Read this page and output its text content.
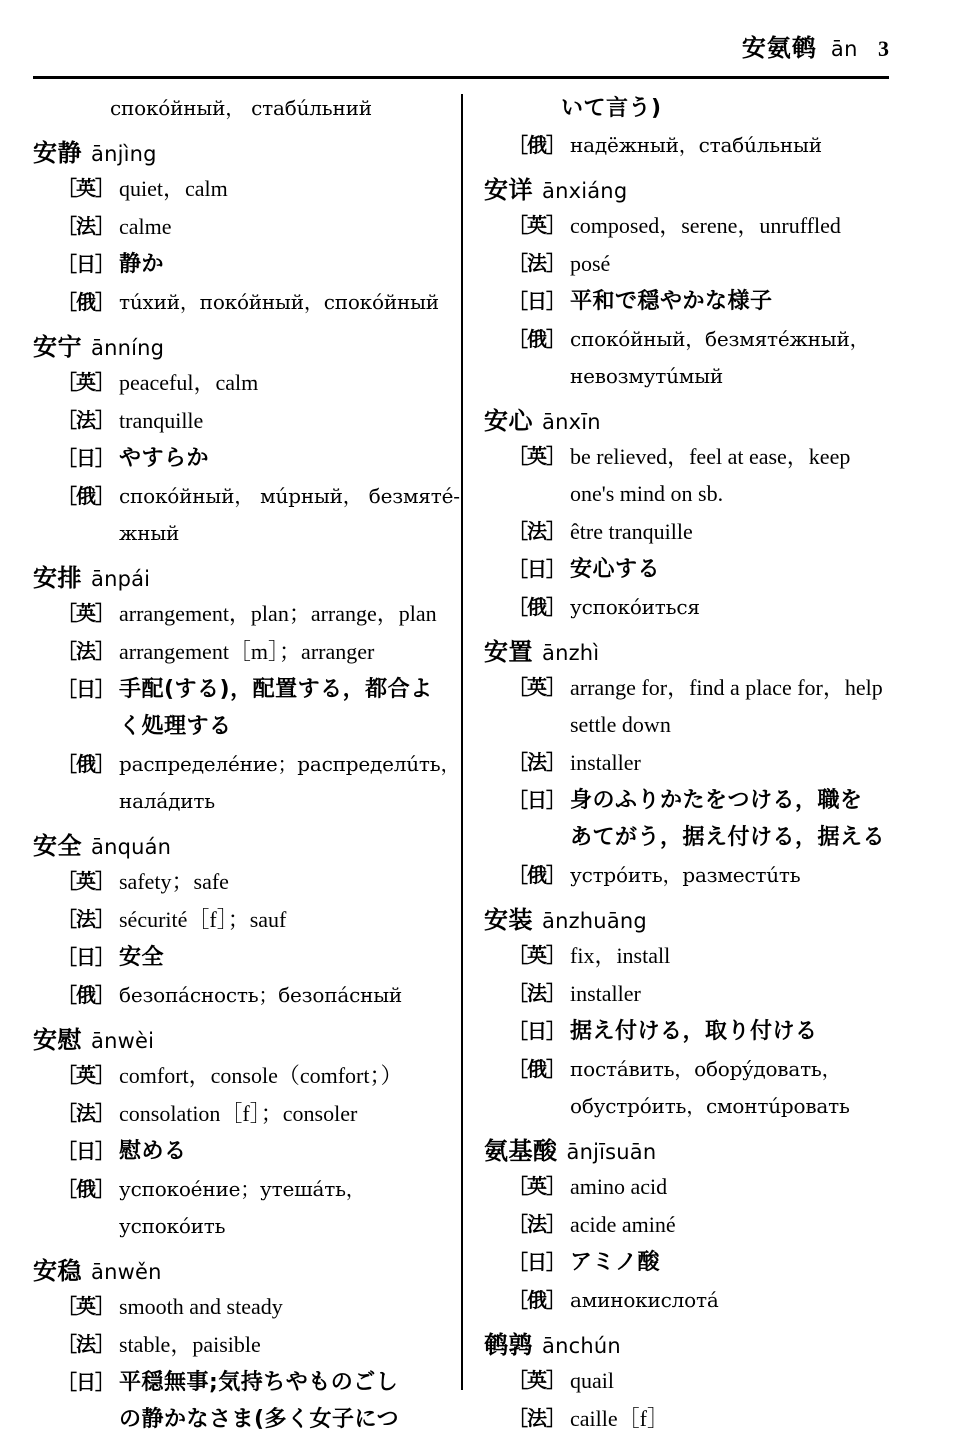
安氨鹌 ān 3
спокóйный， стабúльний
安静 ānjìng
［英］ quiet，calm
［法］ calme
［日］ 静か
［俄］ тúхий，покóйный，спокóйный
安宁 ānníng
［英］ peaceful，calm
［法］ tranquille
［日］ やすらか
［俄］ спокóйный， мúрный， безмятé-
жный
安排 ānpái
［英］ arrangement，plan；arrange，plan
［法］ arrangement［m］；arranger
［日］ 手配(する)，配置する，都合よ
く処理する
［俄］ распределéние；распределúть，
налáдить
安全 ānquán
［英］ safety；safe
［法］ sécurité［f］；sauf
［日］ 安全
［俄］ безопáсность；безопáсный
安慰 ānwèi
［英］ comfort，console（comfort；）
［法］ consolation［f］；consoler
［日］ 慰める
［俄］ успокоéние；утешáть，
успокóить
安稳 ānwěn
［英］ smooth and steady
［法］ stable，paisible
［日］ 平穏無事;気持ちやものごし
の静かなさま(多く女子につ
いて言う)
［俄］ надёжный，стабúльный
安详 ānxiáng
［英］ composed，serene，unruffled
［法］ posé
［日］ 平和で穏やかな様子
［俄］ спокóйный，безмятéжный，
невозмутúмый
安心 ānxīn
［英］ be relieved，feel at ease，keep
one's mind on sb.
［法］ être tranquille
［日］ 安心する
［俄］ успокóиться
安置 ānzhì
［英］ arrange for，find a place for，help
settle down
［法］ installer
［日］ 身のふりかたをつける，職を
あてがう，据え付ける，据える
［俄］ устрóить，разместúть
安装 ānzhuāng
［英］ fix，install
［法］ installer
［日］ 据え付ける，取り付ける
［俄］ постáвить，оборýдовать，
обустрóить，смонтúровать
氨基酸 ānjīsuān
［英］ amino acid
［法］ acide aminé
［日］ アミノ酸
［俄］ аминокислотá
鹌鹑 ānchún
［英］ quail
［法］ caille［f］
